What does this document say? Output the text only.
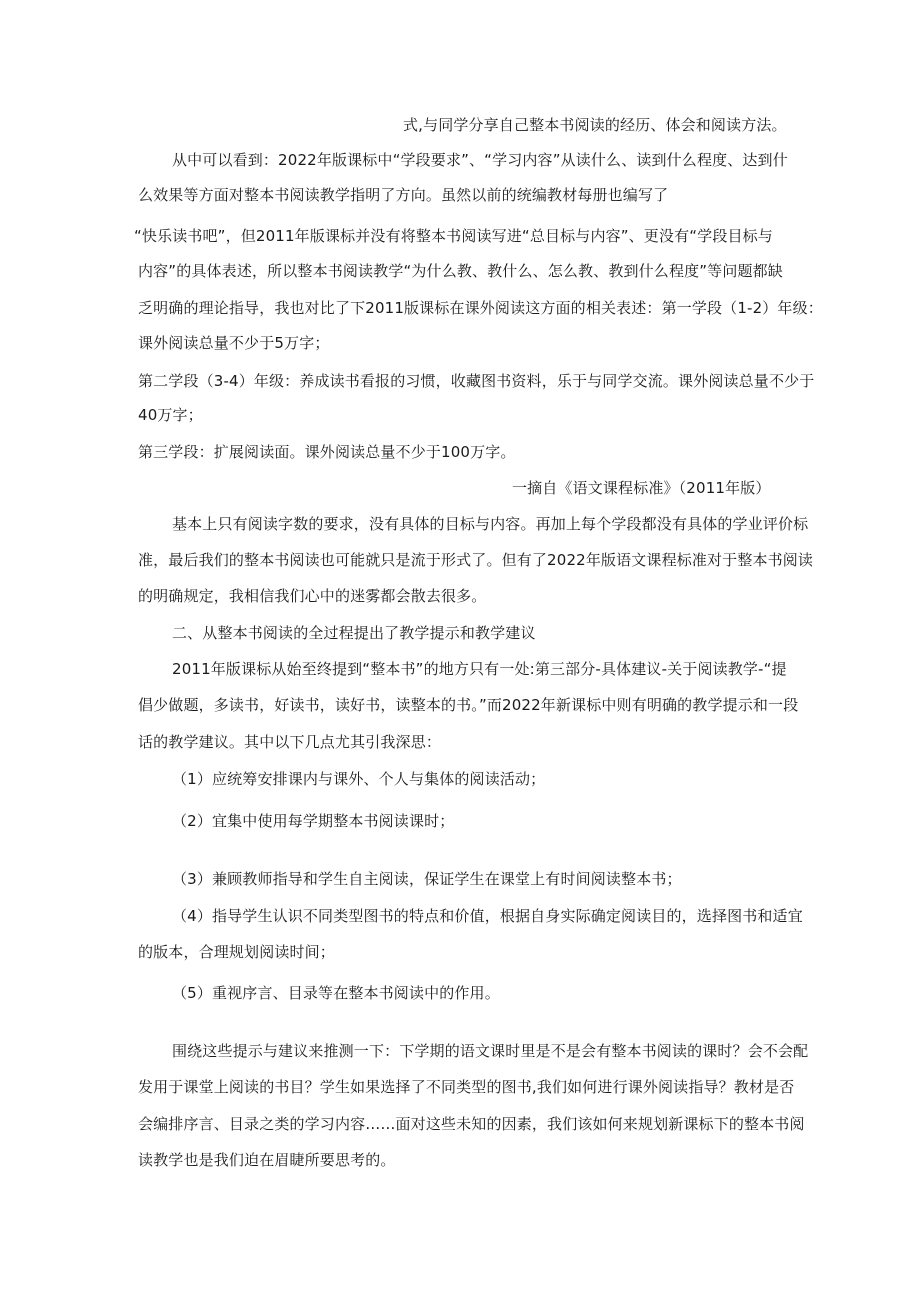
式,与同学分享自己整本书阅读的经历、体会和阅读方法。
从中可以看到：2022年版课标中“学段要求”、“学习内容”从读什么、读到什么程度、达到什
么效果等方面对整本书阅读教学指明了方向。虽然以前的统编教材每册也编写了
“快乐读书吧”，但2011年版课标并没有将整本书阅读写进“总目标与内容”、更没有“学段目标与
内容”的具体表述，所以整本书阅读教学“为什么教、教什么、怎么教、教到什么程度”等问题都缺
乏明确的理论指导，我也对比了下2011版课标在课外阅读这方面的相关表述：第一学段（1-2）年级：
课外阅读总量不少于5万字；
第二学段（3-4）年级：养成读书看报的习惯，收藏图书资料，乐于与同学交流。课外阅读总量不少于
40万字；
第三学段：扩展阅读面。课外阅读总量不少于100万字。
一摘自《语文课程标准》（2011年版）
基本上只有阅读字数的要求，没有具体的目标与内容。再加上每个学段都没有具体的学业评价标
准，最后我们的整本书阅读也可能就只是流于形式了。但有了2022年版语文课程标准对于整本书阅读
的明确规定，我相信我们心中的迷雾都会散去很多。
二、从整本书阅读的全过程提出了教学提示和教学建议
2011年版课标从始至终提到“整本书”的地方只有一处:第三部分-具体建议-关于阅读教学-“提
倡少做题，多读书，好读书，读好书，读整本的书。”而2022年新课标中则有明确的教学提示和一段
话的教学建议。其中以下几点尤其引我深思：
（1）应统筹安排课内与课外、个人与集体的阅读活动；
（2）宜集中使用每学期整本书阅读课时；
（3）兼顾教师指导和学生自主阅读，保证学生在课堂上有时间阅读整本书；
（4）指导学生认识不同类型图书的特点和价值，根据自身实际确定阅读目的，选择图书和适宜
的版本，合理规划阅读时间；
（5）重视序言、目录等在整本书阅读中的作用。
围绕这些提示与建议来推测一下：下学期的语文课时里是不是会有整本书阅读的课时？会不会配
发用于课堂上阅读的书目？学生如果选择了不同类型的图书,我们如何进行课外阅读指导？教材是否
会编排序言、目录之类的学习内容……面对这些未知的因素，我们该如何来规划新课标下的整本书阅
读教学也是我们迫在眉睫所要思考的。
